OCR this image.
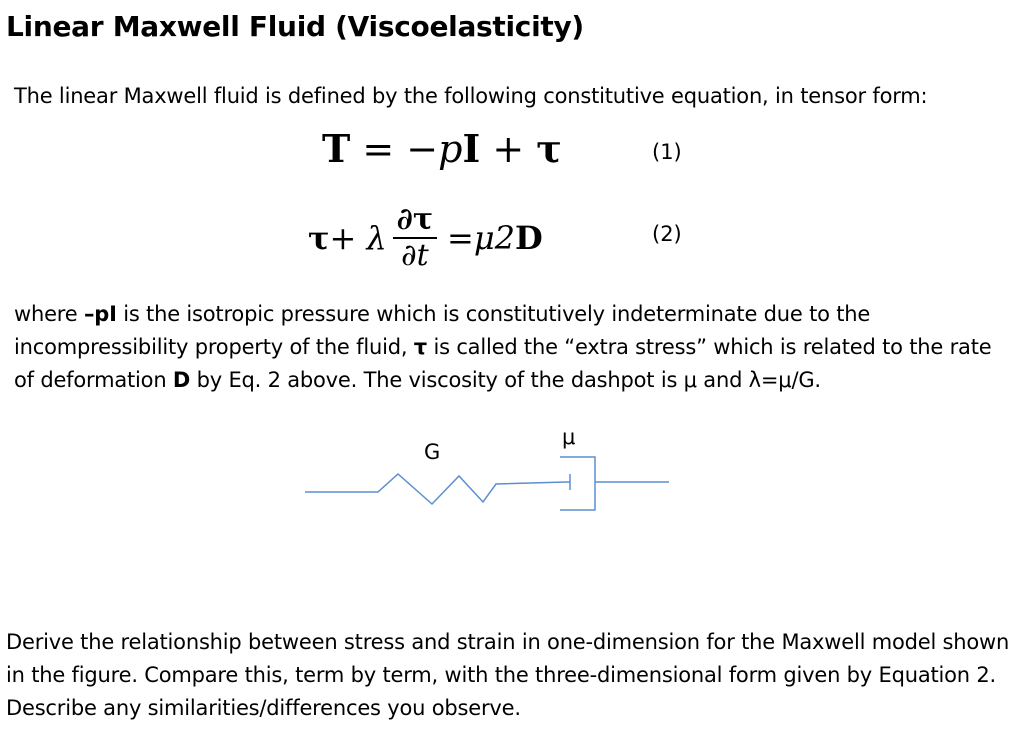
Linear Maxwell Fluid (Viscoelasticity)
The linear Maxwell fluid is defined by the following constitutive equation, in tensor form:
T = −pI + τ	(1)
τ + λ $\frac{\partial\tau}{\partial t} = \mu 2$ D	(2)
where –pI is the isotropic pressure which is constitutively indeterminate due to the incompressibility property of the fluid, τ is called the “extra stress” which is related to the rate of deformation D by Eq. 2 above. The viscosity of the dashpot is μ and λ=μ/G.
G
μ
Derive the relationship between stress and strain in one-dimension for the Maxwell model shown in the figure. Compare this, term by term, with the three-dimensional form given by Equation 2. Describe any similarities/differences you observe.
